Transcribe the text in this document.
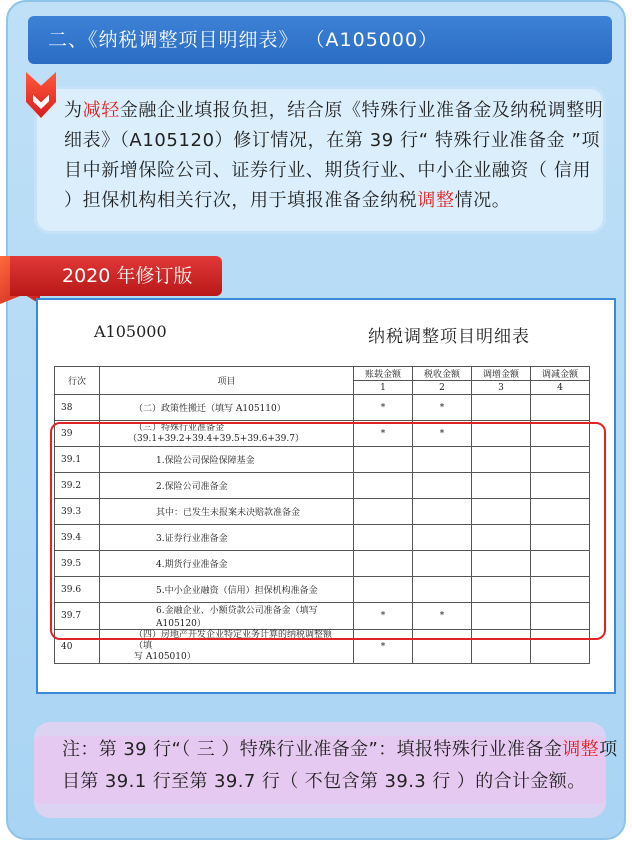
二、《纳税调整项目明细表》 （A105000）
为减轻金融企业填报负担，结合原《特殊行业准备金及纳税调整明细表》（A105120）修订情况，在第 39 行“ 特殊行业准备金 ”项目中新增保险公司、证券行业、期货行业、中小企业融资（ 信用 ）担保机构相关行次，用于填报准备金纳税调整情况。
2020 年修订版
A105000	纳税调整项目明细表
行次	项目	账载金额	税收金额	调增金额	调减金额
		1	2	3	4
38	（二）政策性搬迁（填写 A105110）	*	*		
39	（三）特殊行业准备金
（39.1+39.2+39.4+39.5+39.6+39.7）	*	*		
39.1	1.保险公司保险保障基金				
39.2	2.保险公司准备金				
39.3	其中：已发生未报案未决赔款准备金				
39.4	3.证券行业准备金				
39.5	4.期货行业准备金				
39.6	5.中小企业融资（信用）担保机构准备金				
39.7	6.金融企业、小额贷款公司准备金（填写 A105120）	*	*		
40	（四）房地产开发企业特定业务计算的纳税调整额（填
写 A105010）	*			
注：第 39 行“（ 三 ）特殊行业准备金”：填报特殊行业准备金调整项目第 39.1 行至第 39.7 行（ 不包含第 39.3 行 ）的合计金额。
